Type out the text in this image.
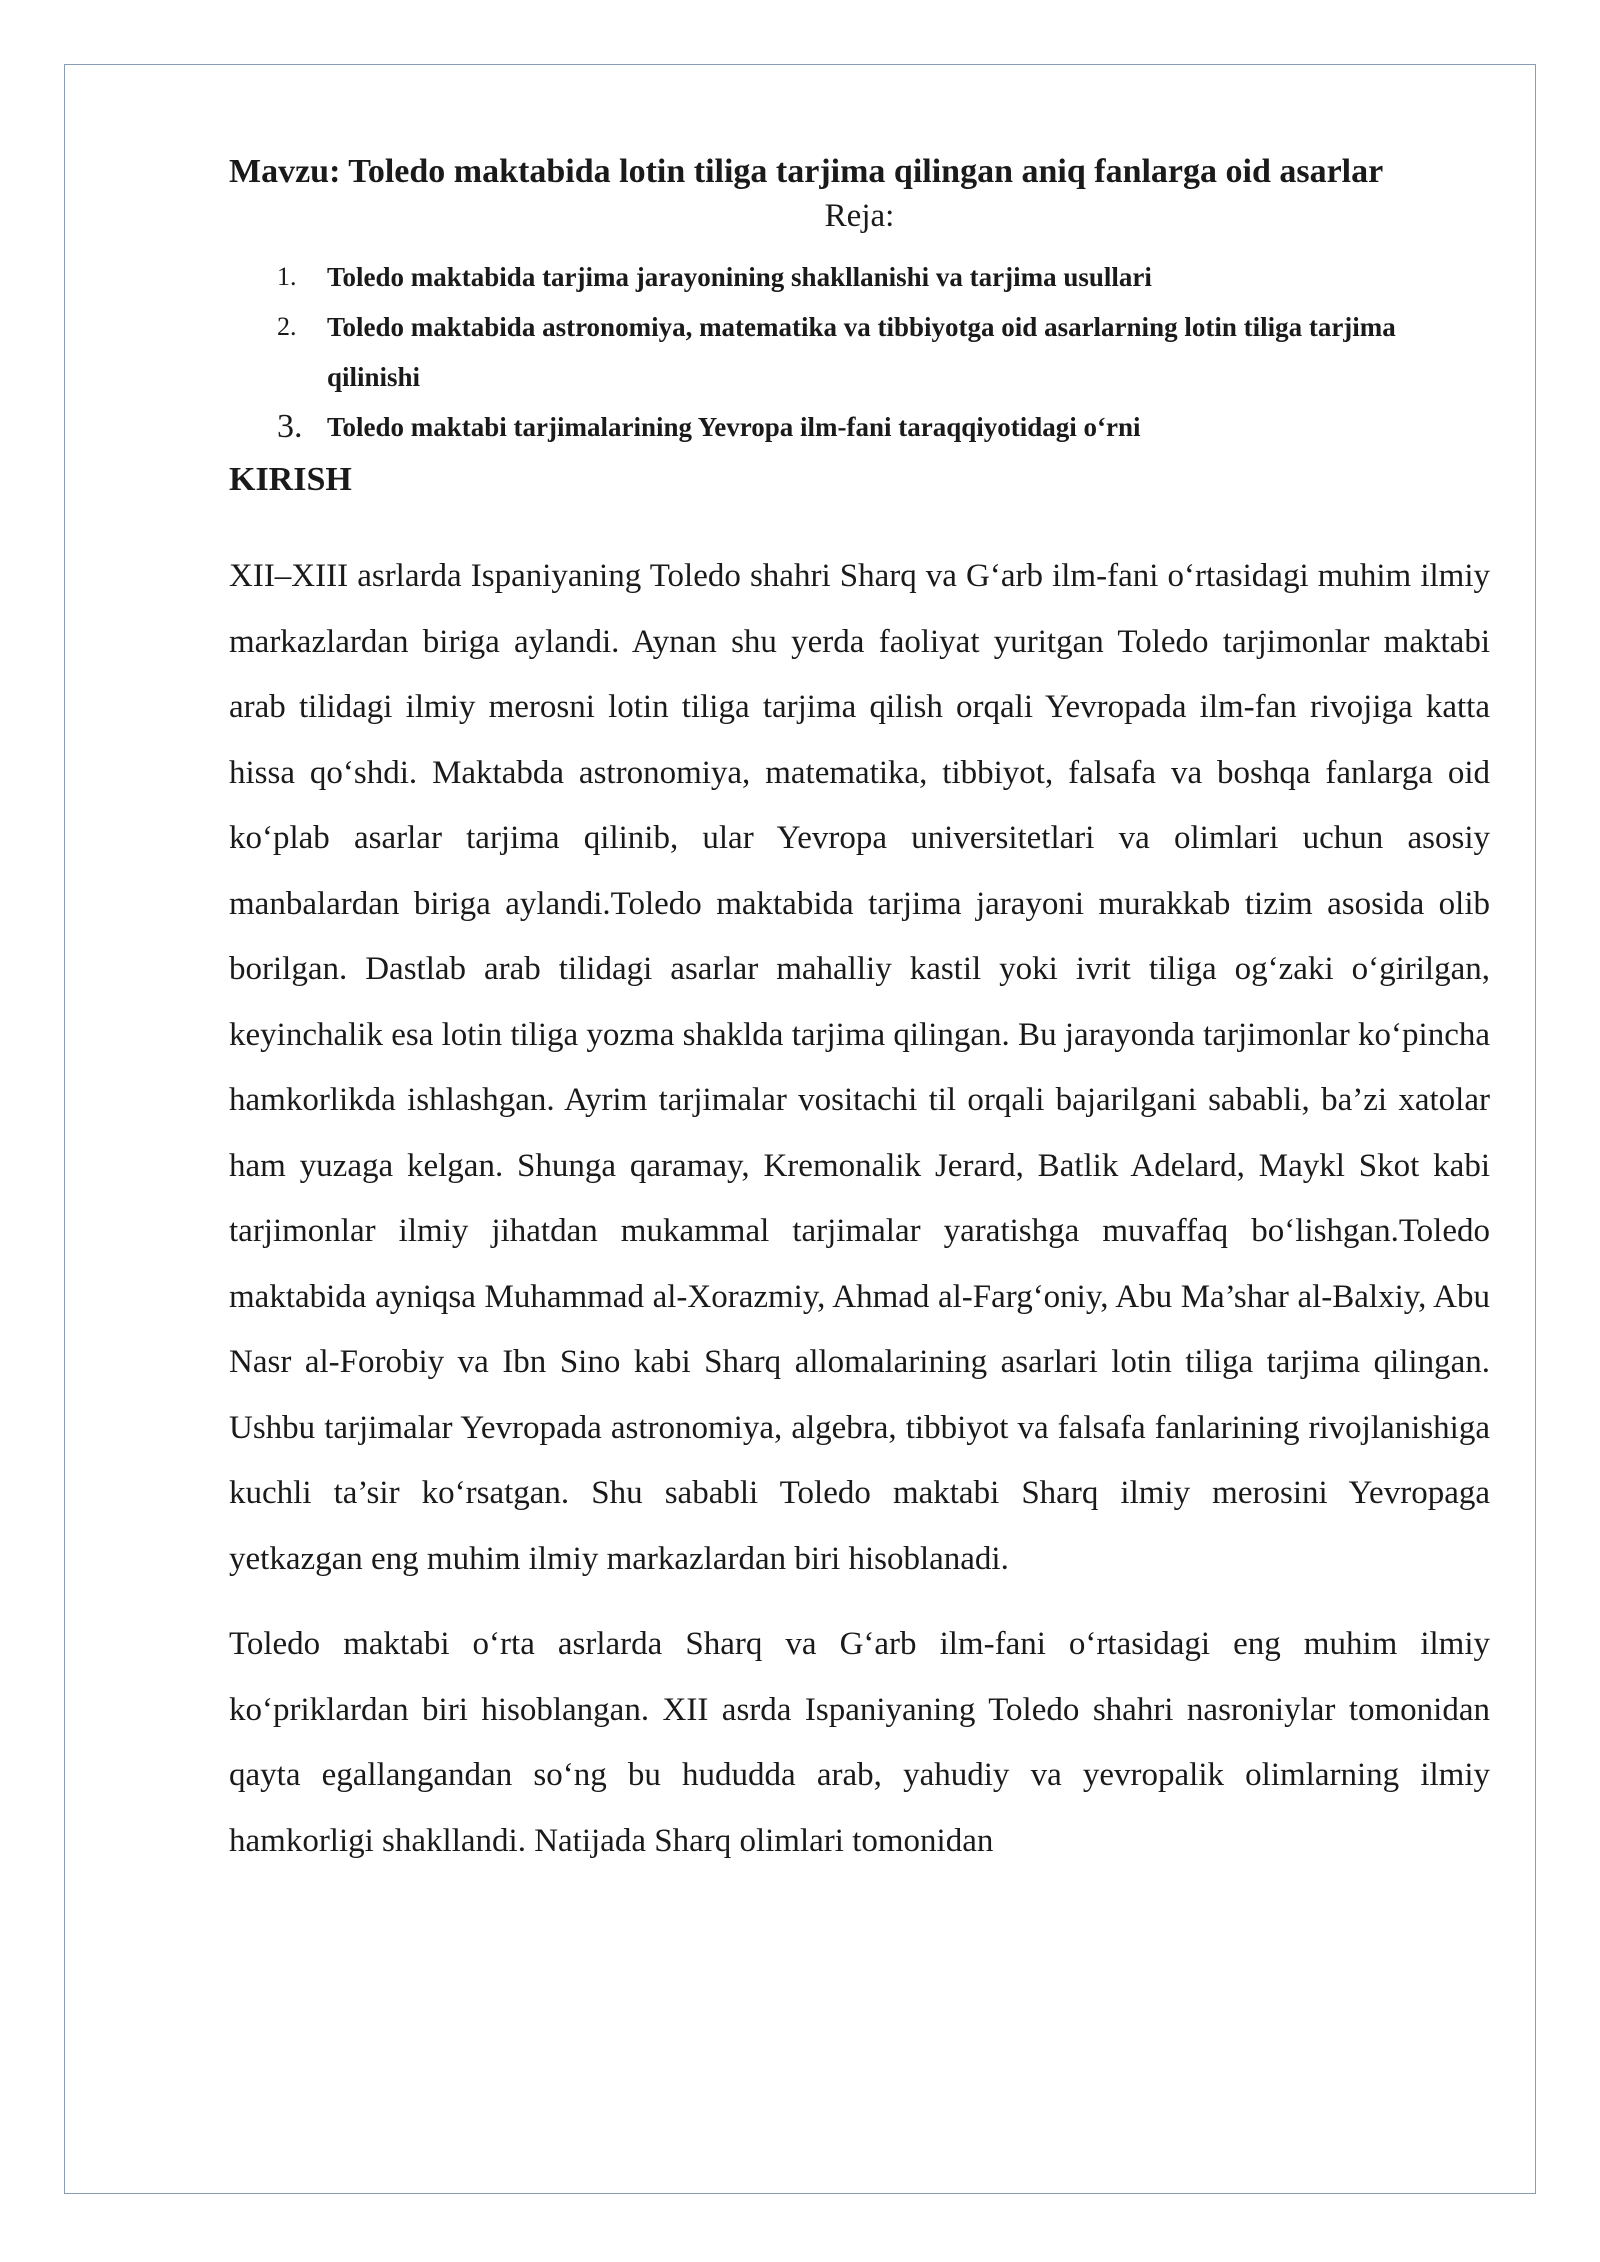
Mavzu: Toledo maktabida lotin tiliga tarjima qilingan aniq fanlarga oid asarlar
Reja:
1.	Toledo maktabida tarjima jarayonining shakllanishi va tarjima usullari
2.	Toledo maktabida astronomiya, matematika va tibbiyotga oid asarlarning lotin tiliga tarjima qilinishi
3. Toledo maktabi tarjimalarining Yevropa ilm-fani taraqqiyotidagi o‘rni
KIRISH

XII–XIII asrlarda Ispaniyaning Toledo shahri Sharq va G‘arb ilm-fani o‘rtasidagi muhim ilmiy markazlardan biriga aylandi. Aynan shu yerda faoliyat yuritgan Toledo tarjimonlar maktabi arab tilidagi ilmiy merosni lotin tiliga tarjima qilish orqali Yevropada ilm-fan rivojiga katta hissa qo‘shdi. Maktabda astronomiya, matematika, tibbiyot, falsafa va boshqa fanlarga oid ko‘plab asarlar tarjima qilinib, ular Yevropa universitetlari va olimlari uchun asosiy manbalardan biriga aylandi.Toledo maktabida tarjima jarayoni murakkab tizim asosida olib borilgan. Dastlab arab tilidagi asarlar mahalliy kastil yoki ivrit tiliga og‘zaki o‘girilgan, keyinchalik esa lotin tiliga yozma shaklda tarjima qilingan. Bu jarayonda tarjimonlar ko‘pincha hamkorlikda ishlashgan. Ayrim tarjimalar vositachi til orqali bajarilgani sababli, ba’zi xatolar ham yuzaga kelgan. Shunga qaramay, Kremonalik Jerard, Batlik Adelard, Maykl Skot kabi tarjimonlar ilmiy jihatdan mukammal tarjimalar yaratishga muvaffaq bo‘lishgan.Toledo maktabida ayniqsa Muhammad al-Xorazmiy, Ahmad al-Farg‘oniy, Abu Ma’shar al-Balxiy, Abu Nasr al-Forobiy va Ibn Sino kabi Sharq allomalarining asarlari lotin tiliga tarjima qilingan. Ushbu tarjimalar Yevropada astronomiya, algebra, tibbiyot va falsafa fanlarining rivojlanishiga kuchli ta’sir ko‘rsatgan. Shu sababli Toledo maktabi Sharq ilmiy merosini Yevropaga yetkazgan eng muhim ilmiy markazlardan biri hisoblanadi.

Toledo maktabi o‘rta asrlarda Sharq va G‘arb ilm-fani o‘rtasidagi eng muhim ilmiy ko‘priklardan biri hisoblangan. XII asrda Ispaniyaning Toledo shahri nasroniylar tomonidan qayta egallangandan so‘ng bu hududda arab, yahudiy va yevropalik olimlarning ilmiy hamkorligi shakllandi. Natijada Sharq olimlari tomonidan
